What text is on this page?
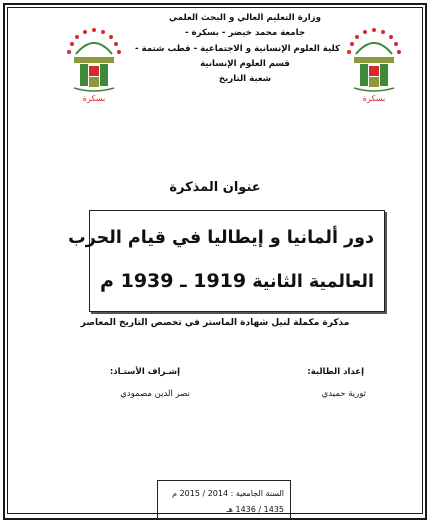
بسكرة	بسكرة
وزارة التعليم العالي و البحث العلمي
جامعة محمد خيضر - بسكرة -
كلية العلوم الإنسانية و الاجتماعية - قطب شتمة -
قسم العلوم الإنسانية
شعبة التاريخ
عنوان المذكرة
دور ألمانيا و إيطاليا في قيام الحرب
العالمية الثانية 1919 ـ 1939 م
مذكرة مكملة لنيل شهادة الماستر في تخصص التاريخ المعاصر
إعداد الطالبة:
ثورية حميدي
إشـراف الأستـاذ:
نصر الدين مصمودي
السنة الجامعية : 2014 / 2015 م
1435 / 1436 هـ
